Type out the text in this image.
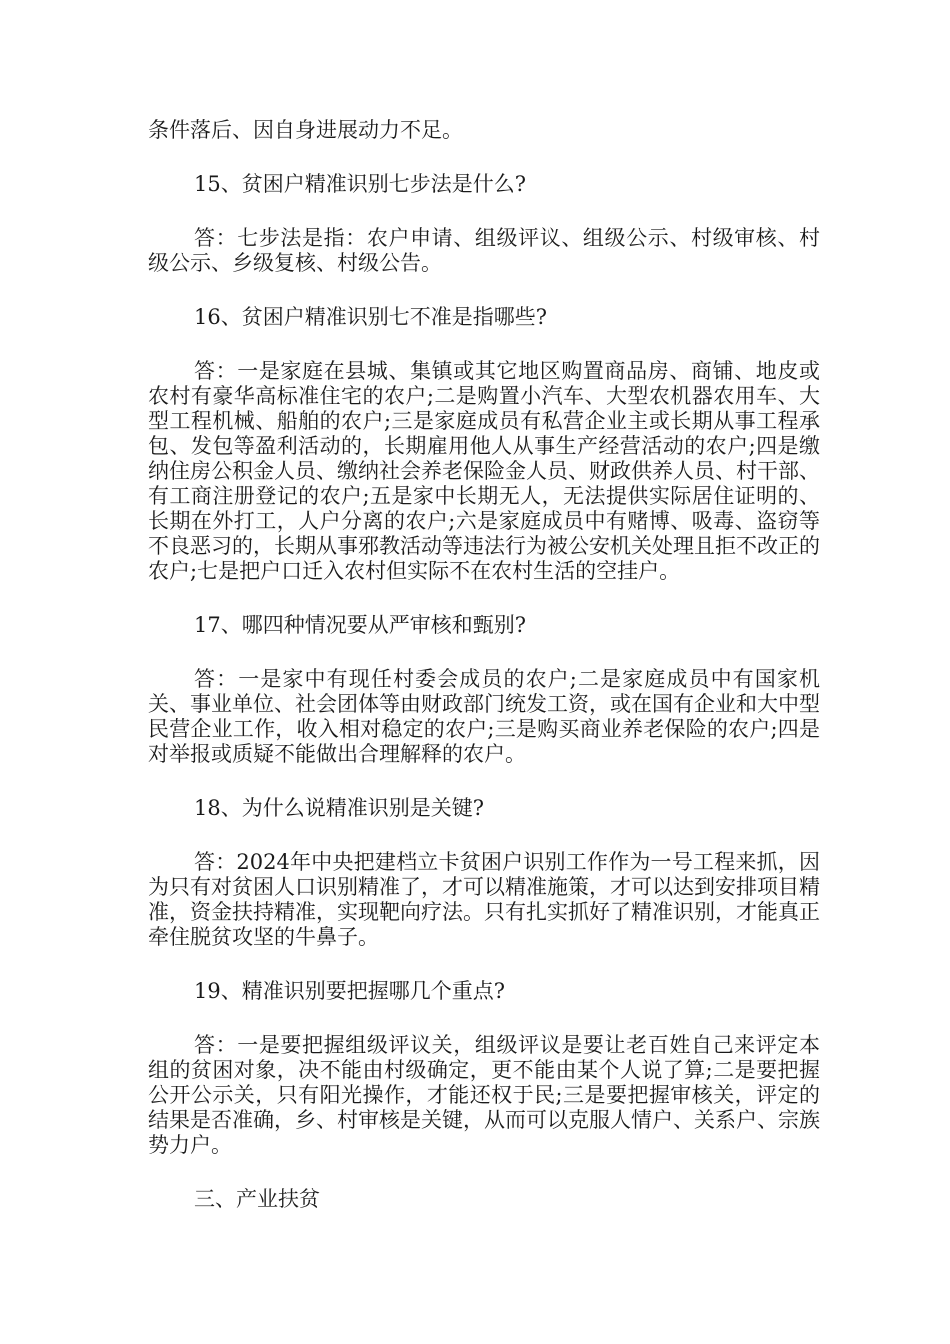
条件落后、因自身进展动力不足。

15、贫困户精准识别七步法是什么?

答：七步法是指：农户申请、组级评议、组级公示、村级审核、村级公示、乡级复核、村级公告。

16、贫困户精准识别七不准是指哪些?

答：一是家庭在县城、集镇或其它地区购置商品房、商铺、地皮或农村有豪华高标准住宅的农户;二是购置小汽车、大型农机器农用车、大型工程机械、船舶的农户;三是家庭成员有私营企业主或长期从事工程承包、发包等盈利活动的，长期雇用他人从事生产经营活动的农户;四是缴纳住房公积金人员、缴纳社会养老保险金人员、财政供养人员、村干部、有工商注册登记的农户;五是家中长期无人，无法提供实际居住证明的、长期在外打工，人户分离的农户;六是家庭成员中有赌博、吸毒、盗窃等不良恶习的，长期从事邪教活动等违法行为被公安机关处理且拒不改正的农户;七是把户口迁入农村但实际不在农村生活的空挂户。

17、哪四种情况要从严审核和甄别?

答：一是家中有现任村委会成员的农户;二是家庭成员中有国家机关、事业单位、社会团体等由财政部门统发工资，或在国有企业和大中型民营企业工作，收入相对稳定的农户;三是购买商业养老保险的农户;四是对举报或质疑不能做出合理解释的农户。

18、为什么说精准识别是关键?

答：2024年中央把建档立卡贫困户识别工作作为一号工程来抓，因为只有对贫困人口识别精准了，才可以精准施策，才可以达到安排项目精准，资金扶持精准，实现靶向疗法。只有扎实抓好了精准识别，才能真正牵住脱贫攻坚的牛鼻子。

19、精准识别要把握哪几个重点?

答：一是要把握组级评议关，组级评议是要让老百姓自己来评定本组的贫困对象，决不能由村级确定，更不能由某个人说了算;二是要把握公开公示关，只有阳光操作，才能还权于民;三是要把握审核关，评定的结果是否准确，乡、村审核是关键，从而可以克服人情户、关系户、宗族势力户。

三、产业扶贫
